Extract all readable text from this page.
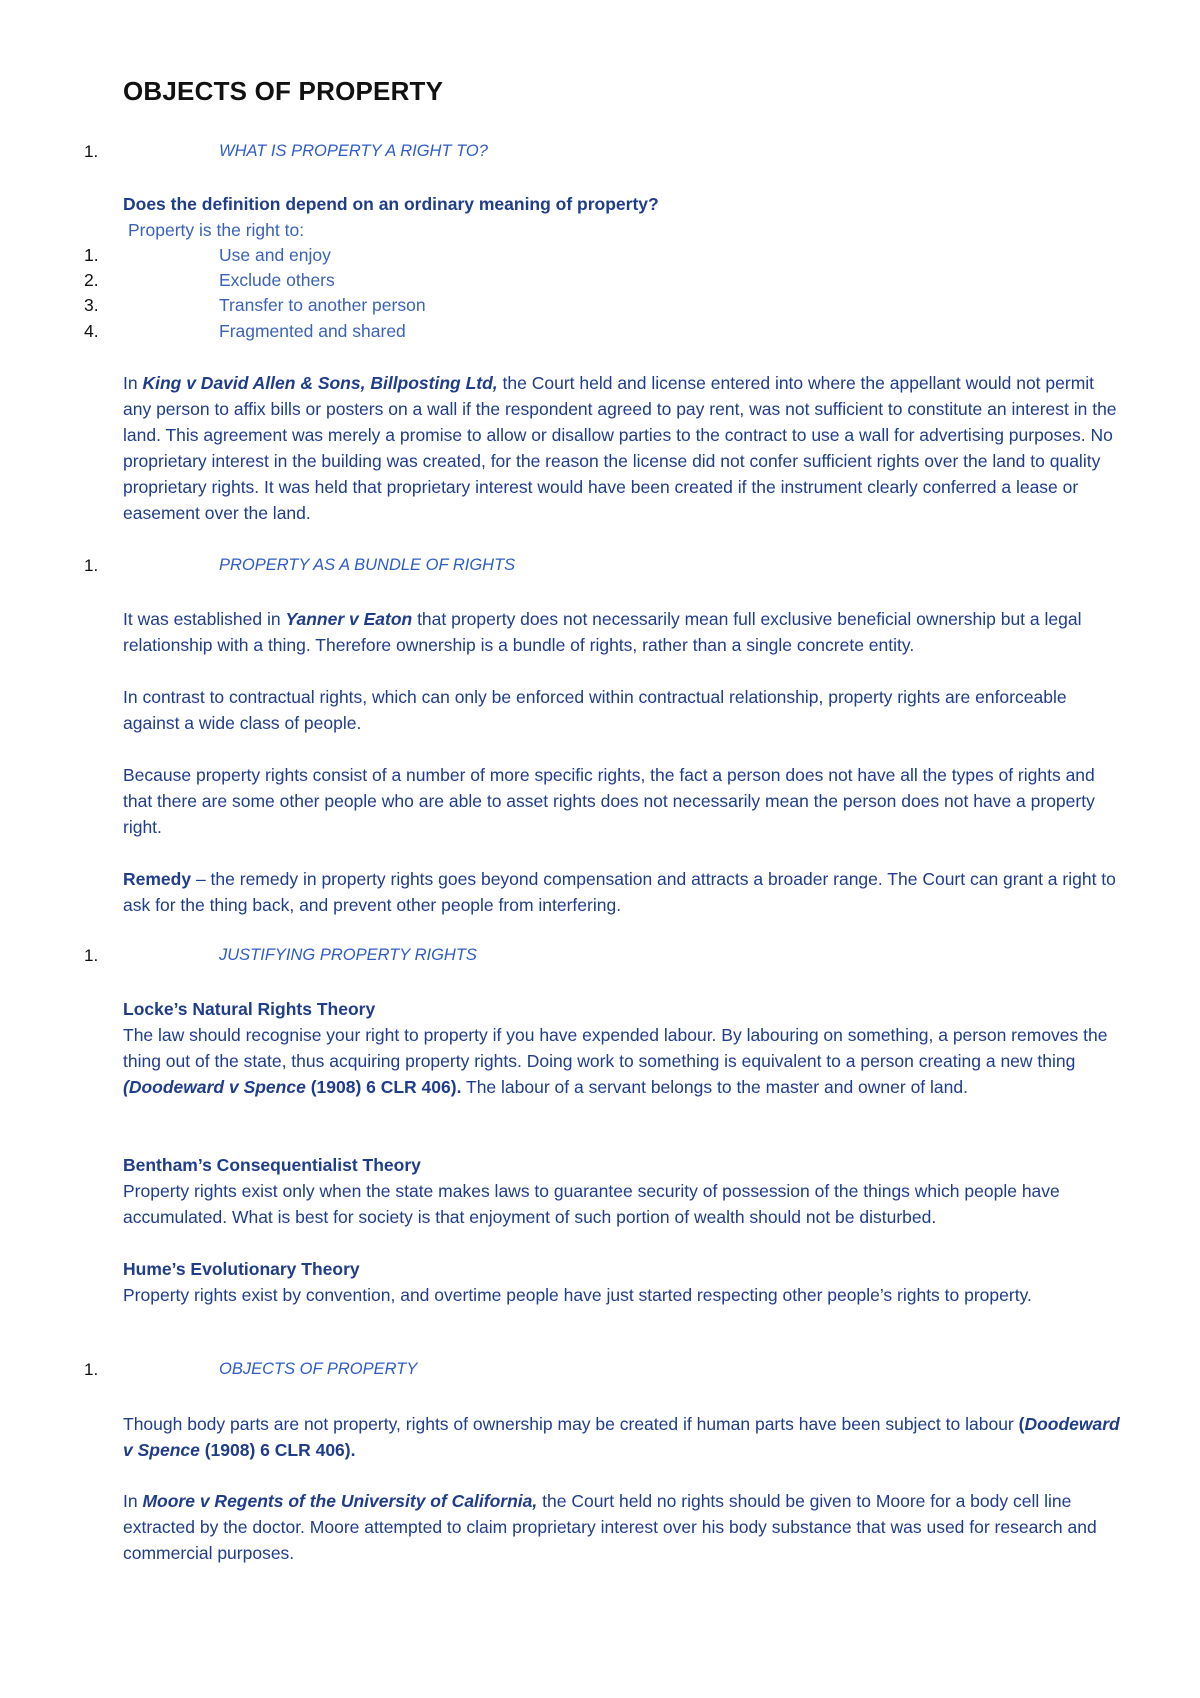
OBJECTS OF PROPERTY
1.	WHAT IS PROPERTY A RIGHT TO?
Does the definition depend on an ordinary meaning of property?
Property is the right to:
1.	Use and enjoy
2.	Exclude others
3.	Transfer to another person
4.	Fragmented and shared

In King v David Allen & Sons, Billposting Ltd, the Court held and license entered into where the appellant would not permit any person to affix bills or posters on a wall if the respondent agreed to pay rent, was not sufficient to constitute an interest in the land. This agreement was merely a promise to allow or disallow parties to the contract to use a wall for advertising purposes. No proprietary interest in the building was created, for the reason the license did not confer sufficient rights over the land to quality proprietary rights. It was held that proprietary interest would have been created if the instrument clearly conferred a lease or easement over the land.

1.	PROPERTY AS A BUNDLE OF RIGHTS

It was established in Yanner v Eaton that property does not necessarily mean full exclusive beneficial ownership but a legal relationship with a thing. Therefore ownership is a bundle of rights, rather than a single concrete entity.

In contrast to contractual rights, which can only be enforced within contractual relationship, property rights are enforceable against a wide class of people.

Because property rights consist of a number of more specific rights, the fact a person does not have all the types of rights and that there are some other people who are able to asset rights does not necessarily mean the person does not have a property right.

Remedy – the remedy in property rights goes beyond compensation and attracts a broader range. The Court can grant a right to ask for the thing back, and prevent other people from interfering.

1.	JUSTIFYING PROPERTY RIGHTS

Locke’s Natural Rights Theory

The law should recognise your right to property if you have expended labour. By labouring on something, a person removes the thing out of the state, thus acquiring property rights. Doing work to something is equivalent to a person creating a new thing (Doodeward v Spence (1908) 6 CLR 406). The labour of a servant belongs to the master and owner of land.

Bentham’s Consequentialist Theory

Property rights exist only when the state makes laws to guarantee security of possession of the things which people have accumulated. What is best for society is that enjoyment of such portion of wealth should not be disturbed.

Hume’s Evolutionary Theory

Property rights exist by convention, and overtime people have just started respecting other people’s rights to property.

1.	OBJECTS OF PROPERTY

Though body parts are not property, rights of ownership may be created if human parts have been subject to labour (Doodeward v Spence (1908) 6 CLR 406).

In Moore v Regents of the University of California, the Court held no rights should be given to Moore for a body cell line extracted by the doctor. Moore attempted to claim proprietary interest over his body substance that was used for research and commercial purposes.
